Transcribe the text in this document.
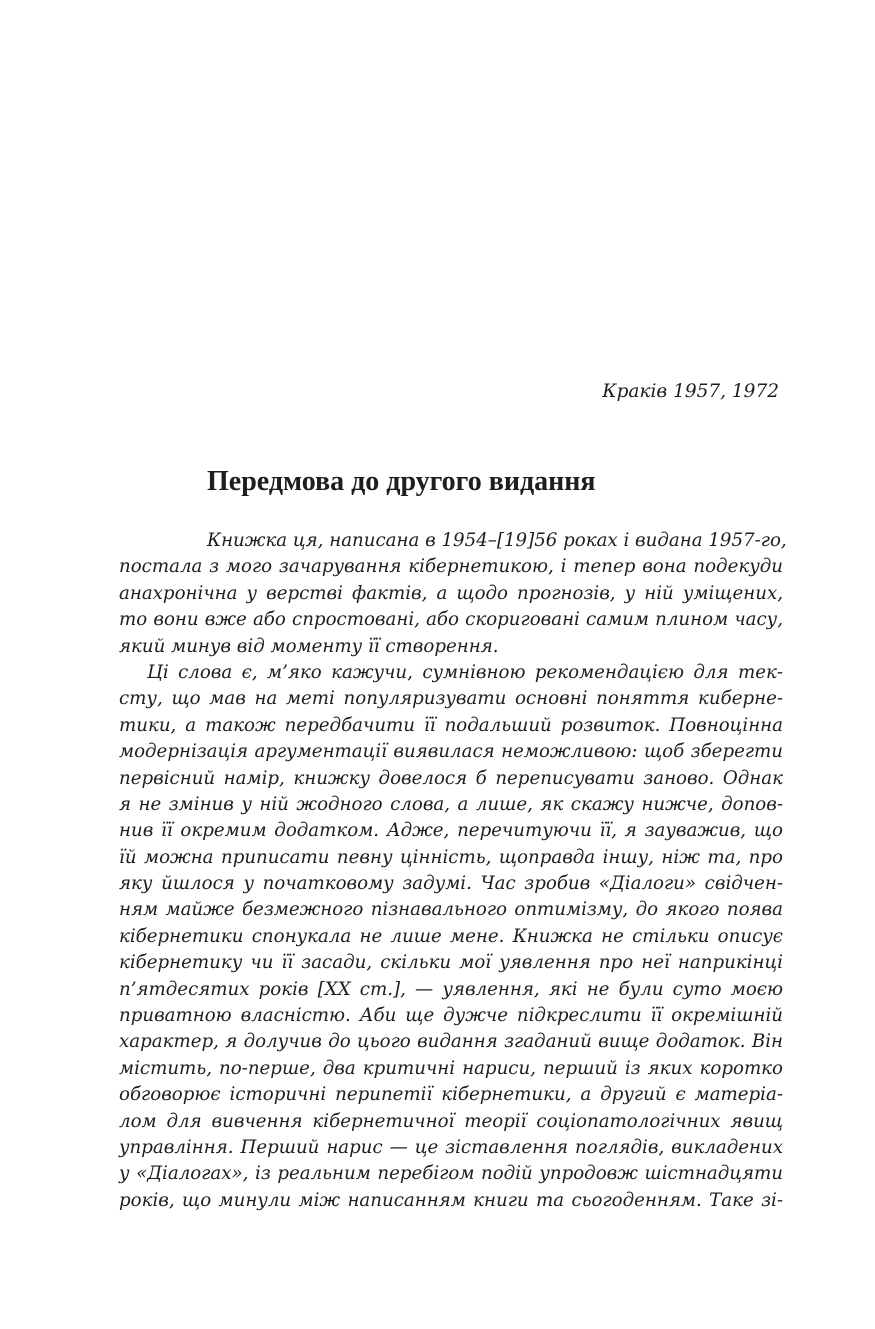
Краків 1957, 1972
Передмова до другого видання
Книжка ця, написана в 1954–[19]56 роках і видана 1957-го,
постала з мого зачарування кібернетикою, і тепер вона подекуди
анахронічна у верстві фактів, а щодо прогнозів, у ній уміщених,
то вони вже або спростовані, або скориговані самим плином часу,
який минув від моменту її створення.
Ці слова є, м’яко кажучи, сумнівною рекомендацією для тек-
сту, що мав на меті популяризувати основні поняття киберне-
тики, а також передбачити її подальший розвиток. Повноцінна
модернізація аргументації виявилася неможливою: щоб зберегти
первісний намір, книжку довелося б переписувати заново. Однак
я не змінив у ній жодного слова, а лише, як скажу нижче, допов-
нив її окремим додатком. Адже, перечитуючи її, я зауважив, що
їй можна приписати певну цінність, щоправда іншу, ніж та, про
яку йшлося у початковому задумі. Час зробив «Діалоги» свідчен-
ням майже безмежного пізнавального оптимізму, до якого поява
кібернетики спонукала не лише мене. Книжка не стільки описує
кібернетику чи її засади, скільки мої уявлення про неї наприкінці
п’ятдесятих років [XX ст.], — уявлення, які не були суто моєю
приватною власністю. Аби ще дужче підкреслити її окремішній
характер, я долучив до цього видання згаданий вище додаток. Він
містить, по-перше, два критичні нариси, перший із яких коротко
обговорює історичні перипетії кібернетики, а другий є матеріа-
лом для вивчення кібернетичної теорії соціопатологічних явищ
управління. Перший нарис — це зіставлення поглядів, викладених
у «Діалогах», із реальним перебігом подій упродовж шістнадцяти
років, що минули між написанням книги та сьогоденням. Таке зі-
